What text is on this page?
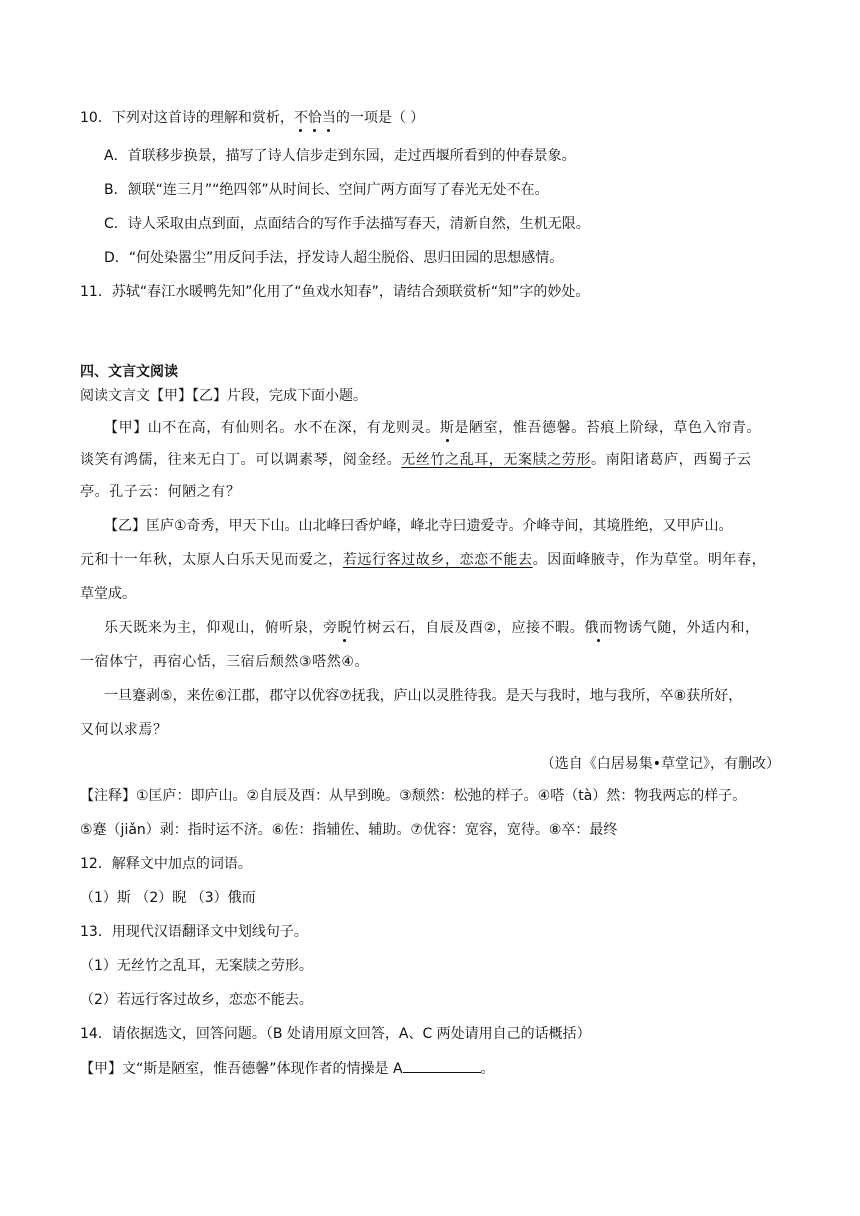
10．下列对这首诗的理解和赏析，不恰当的一项是（ ）
A．首联移步换景，描写了诗人信步走到东园，走过西堰所看到的仲春景象。
B．颔联“连三月”“绝四邻”从时间长、空间广两方面写了春光无处不在。
C．诗人采取由点到面，点面结合的写作手法描写春天，清新自然，生机无限。
D．“何处染嚣尘”用反问手法，抒发诗人超尘脱俗、思归田园的思想感情。
11．苏轼“春江水暖鸭先知”化用了“鱼戏水知春”，请结合颈联赏析“知”字的妙处。
四、文言文阅读
阅读文言文【甲】【乙】片段，完成下面小题。
【甲】山不在高，有仙则名。水不在深，有龙则灵。斯是陋室，惟吾德馨。苔痕上阶绿，草色入帘青。
谈笑有鸿儒，往来无白丁。可以调素琴，阅金经。无丝竹之乱耳，无案牍之劳形。南阳诸葛庐，西蜀子云
亭。孔子云：何陋之有？
【乙】匡庐①奇秀，甲天下山。山北峰曰香炉峰，峰北寺曰遗爱寺。介峰寺间，其境胜绝，又甲庐山。
元和十一年秋，太原人白乐天见而爱之，若远行客过故乡，恋恋不能去。因面峰腋寺，作为草堂。明年春，
草堂成。
乐天既来为主，仰观山，俯听泉，旁睨竹树云石，自辰及酉②，应接不暇。俄而物诱气随，外适内和，
一宿体宁，再宿心恬，三宿后颓然③嗒然④。
一旦蹇剥⑤，来佐⑥江郡，郡守以优容⑦抚我，庐山以灵胜待我。是天与我时，地与我所，卒⑧获所好，
又何以求焉？
（选自《白居易集•草堂记》，有删改）
【注释】①匡庐：即庐山。②自辰及酉：从早到晚。③颓然：松弛的样子。④嗒（tà）然：物我两忘的样子。
⑤蹇（jiǎn）剥：指时运不济。⑥佐：指辅佐、辅助。⑦优容：宽容，宽待。⑧卒：最终
12．解释文中加点的词语。
（1）斯 （2）睨 （3）俄而
13．用现代汉语翻译文中划线句子。
（1）无丝竹之乱耳，无案牍之劳形。
（2）若远行客过故乡，恋恋不能去。
14．请依据选文，回答问题。（B 处请用原文回答，A、C 两处请用自己的话概括）
【甲】文“斯是陋室，惟吾德馨”体现作者的情操是 A	。
